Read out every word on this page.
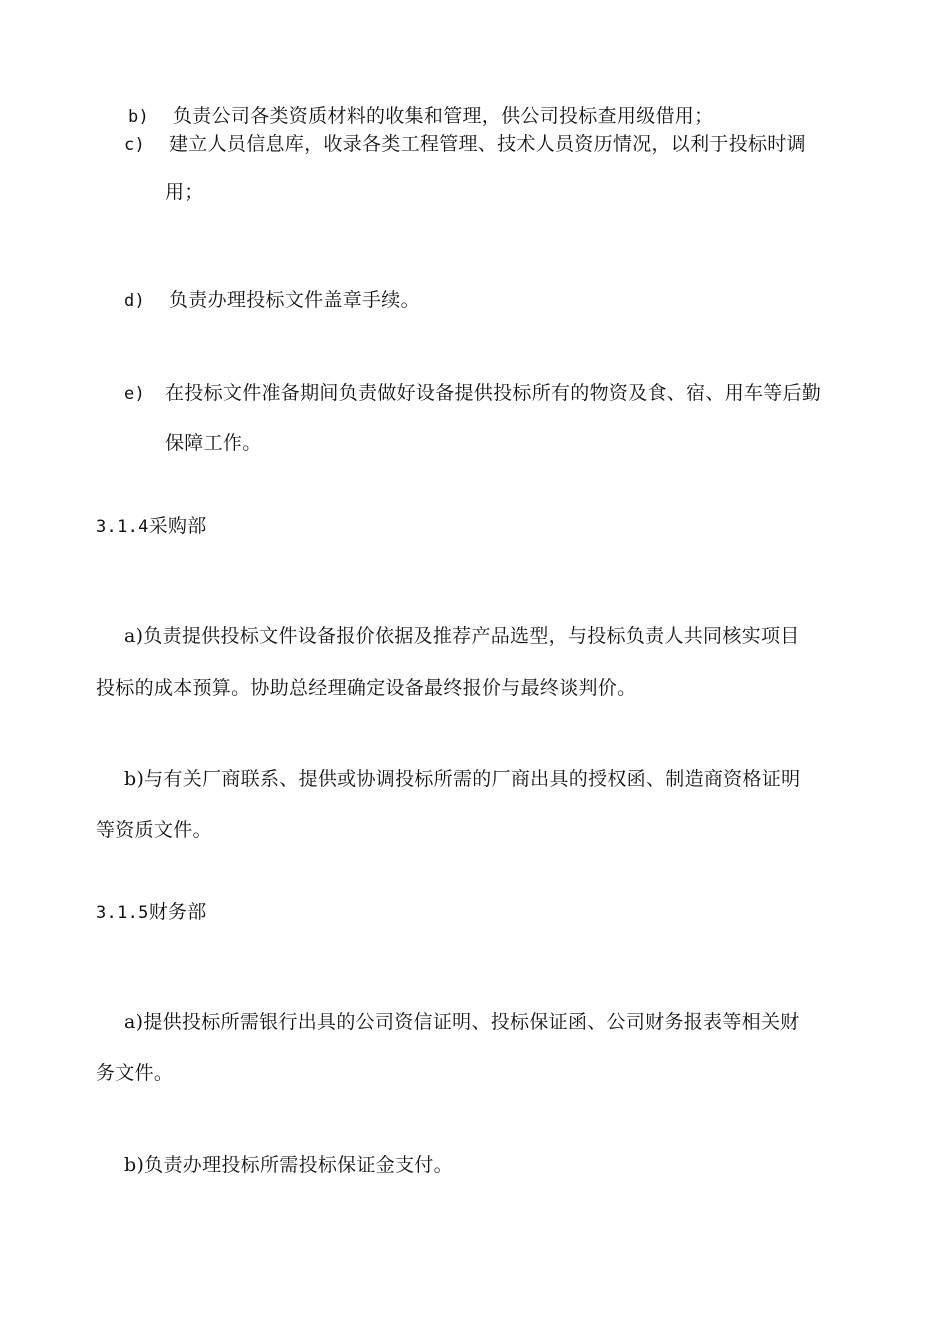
b) 负责公司各类资质材料的收集和管理，供公司投标查用级借用；
c) 建立人员信息库，收录各类工程管理、技术人员资历情况，以利于投标时调
用；
d) 负责办理投标文件盖章手续。
e) 在投标文件准备期间负责做好设备提供投标所有的物资及食、宿、用车等后勤
保障工作。
3.1.4采购部
a)负责提供投标文件设备报价依据及推荐产品选型，与投标负责人共同核实项目
投标的成本预算。协助总经理确定设备最终报价与最终谈判价。
b)与有关厂商联系、提供或协调投标所需的厂商出具的授权函、制造商资格证明
等资质文件。
3.1.5财务部
a)提供投标所需银行出具的公司资信证明、投标保证函、公司财务报表等相关财
务文件。
b)负责办理投标所需投标保证金支付。
